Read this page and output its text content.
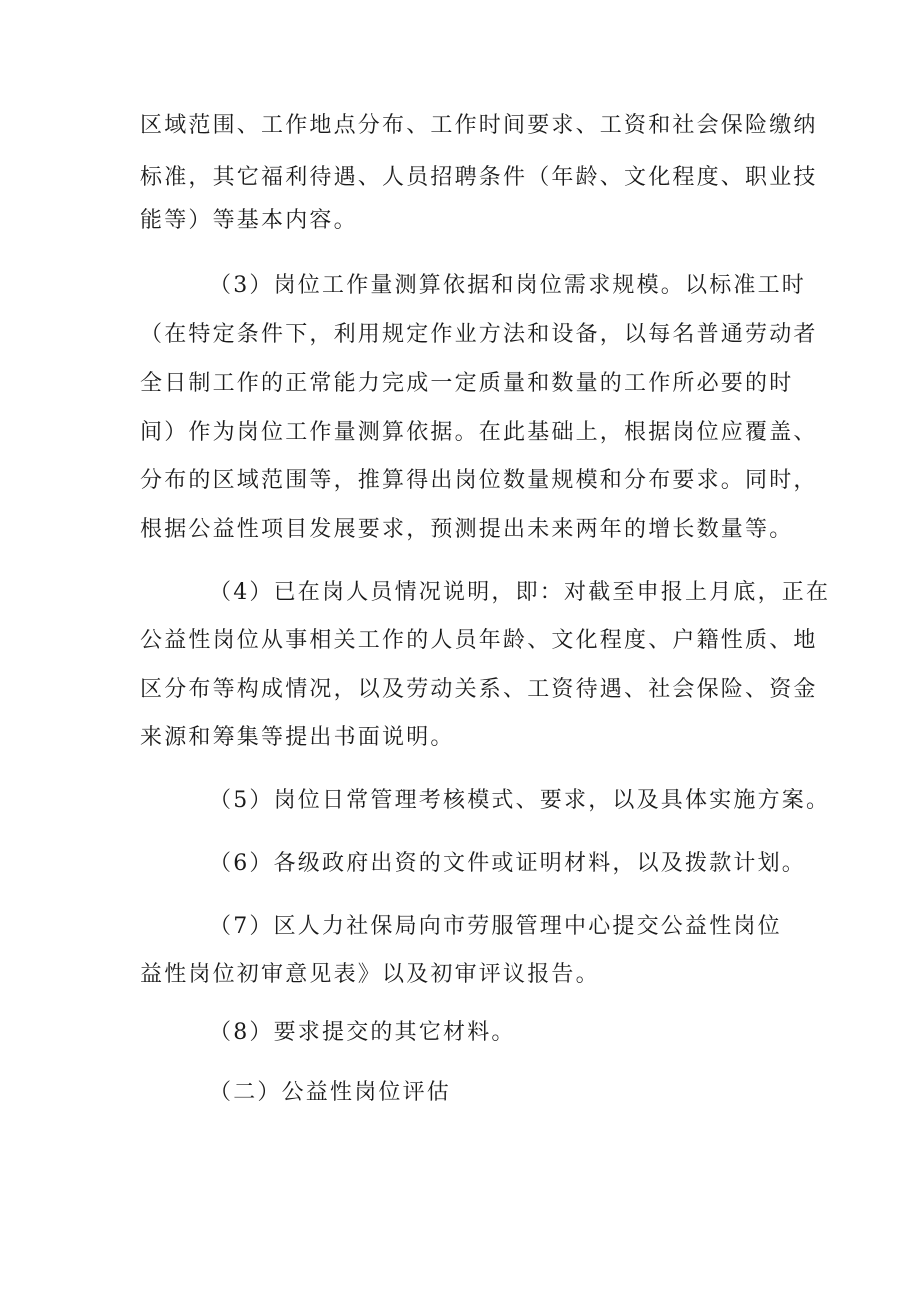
区域范围、工作地点分布、工作时间要求、工资和社会保险缴纳
标准，其它福利待遇、人员招聘条件（年龄、文化程度、职业技
能等）等基本内容。
（3）岗位工作量测算依据和岗位需求规模。以标准工时
（在特定条件下，利用规定作业方法和设备，以每名普通劳动者
全日制工作的正常能力完成一定质量和数量的工作所必要的时
间）作为岗位工作量测算依据。在此基础上，根据岗位应覆盖、
分布的区域范围等，推算得出岗位数量规模和分布要求。同时，
根据公益性项目发展要求，预测提出未来两年的增长数量等。
（4）已在岗人员情况说明，即：对截至申报上月底，正在
公益性岗位从事相关工作的人员年龄、文化程度、户籍性质、地
区分布等构成情况，以及劳动关系、工资待遇、社会保险、资金
来源和筹集等提出书面说明。
（5）岗位日常管理考核模式、要求，以及具体实施方案。
（6）各级政府出资的文件或证明材料，以及拨款计划。
（7）区人力社保局向市劳服管理中心提交公益性岗位
益性岗位初审意见表》以及初审评议报告。
（8）要求提交的其它材料。
（二）公益性岗位评估
